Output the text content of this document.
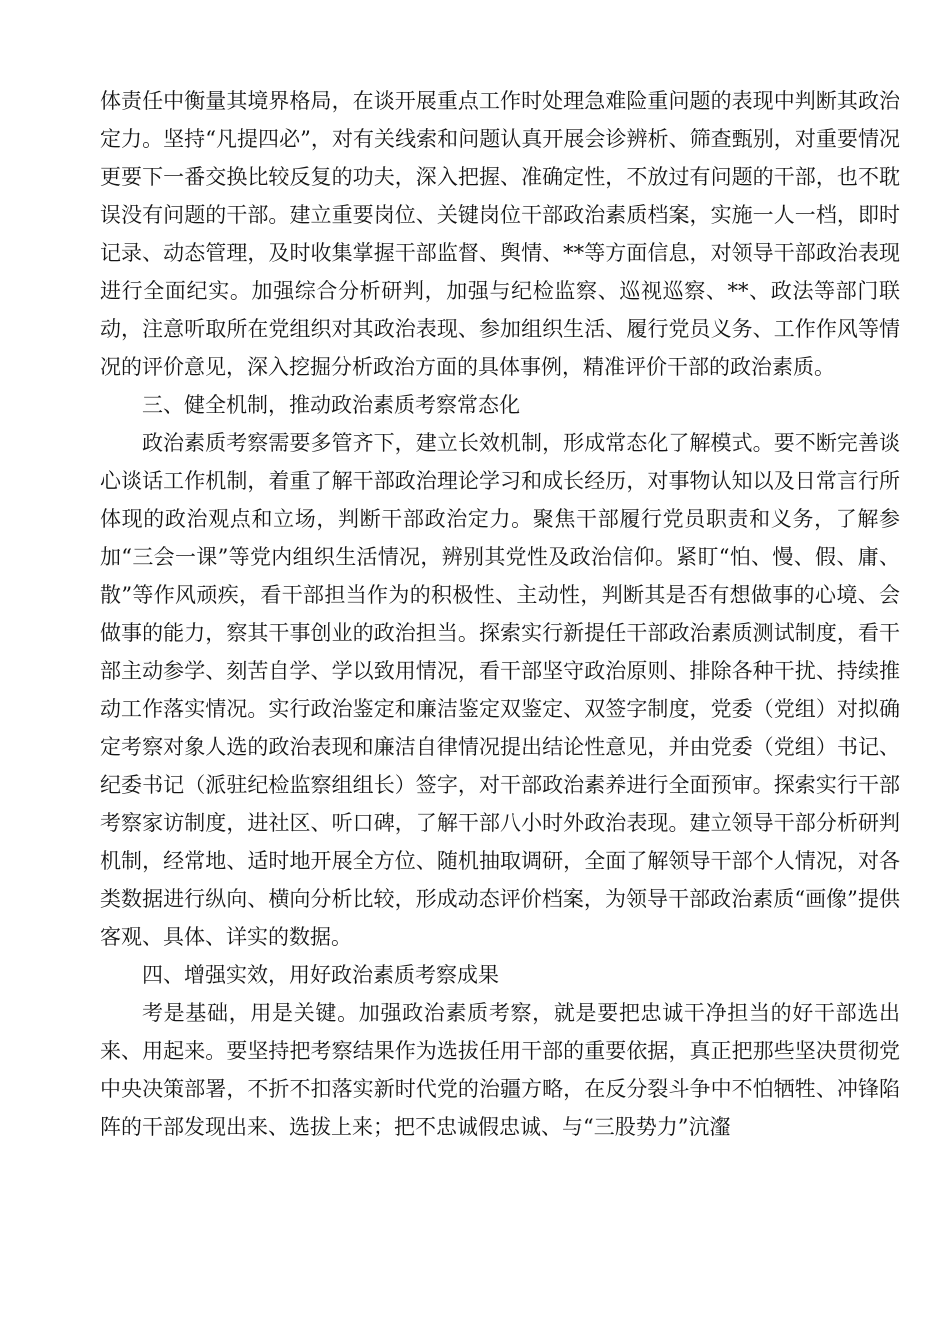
体责任中衡量其境界格局，在谈开展重点工作时处理急难险重问题的表现中判断其政治定力。坚持“凡提四必”，对有关线索和问题认真开展会诊辨析、筛查甄别，对重要情况更要下一番交换比较反复的功夫，深入把握、准确定性，不放过有问题的干部，也不耽误没有问题的干部。建立重要岗位、关键岗位干部政治素质档案，实施一人一档，即时记录、动态管理，及时收集掌握干部监督、舆情、**等方面信息，对领导干部政治表现进行全面纪实。加强综合分析研判，加强与纪检监察、巡视巡察、**、政法等部门联动，注意听取所在党组织对其政治表现、参加组织生活、履行党员义务、工作作风等情况的评价意见，深入挖掘分析政治方面的具体事例，精准评价干部的政治素质。

三、健全机制，推动政治素质考察常态化

政治素质考察需要多管齐下，建立长效机制，形成常态化了解模式。要不断完善谈心谈话工作机制，着重了解干部政治理论学习和成长经历，对事物认知以及日常言行所体现的政治观点和立场，判断干部政治定力。聚焦干部履行党员职责和义务，了解参加“三会一课”等党内组织生活情况，辨别其党性及政治信仰。紧盯“怕、慢、假、庸、散”等作风顽疾，看干部担当作为的积极性、主动性，判断其是否有想做事的心境、会做事的能力，察其干事创业的政治担当。探索实行新提任干部政治素质测试制度，看干部主动参学、刻苦自学、学以致用情况，看干部坚守政治原则、排除各种干扰、持续推动工作落实情况。实行政治鉴定和廉洁鉴定双鉴定、双签字制度，党委（党组）对拟确定考察对象人选的政治表现和廉洁自律情况提出结论性意见，并由党委（党组）书记、纪委书记（派驻纪检监察组组长）签字，对干部政治素养进行全面预审。探索实行干部考察家访制度，进社区、听口碑，了解干部八小时外政治表现。建立领导干部分析研判机制，经常地、适时地开展全方位、随机抽取调研，全面了解领导干部个人情况，对各类数据进行纵向、横向分析比较，形成动态评价档案，为领导干部政治素质“画像”提供客观、具体、详实的数据。

四、增强实效，用好政治素质考察成果

考是基础，用是关键。加强政治素质考察，就是要把忠诚干净担当的好干部选出来、用起来。要坚持把考察结果作为选拔任用干部的重要依据，真正把那些坚决贯彻党中央决策部署，不折不扣落实新时代党的治疆方略，在反分裂斗争中不怕牺牲、冲锋陷阵的干部发现出来、选拔上来；把不忠诚假忠诚、与“三股势力”沆瀣
